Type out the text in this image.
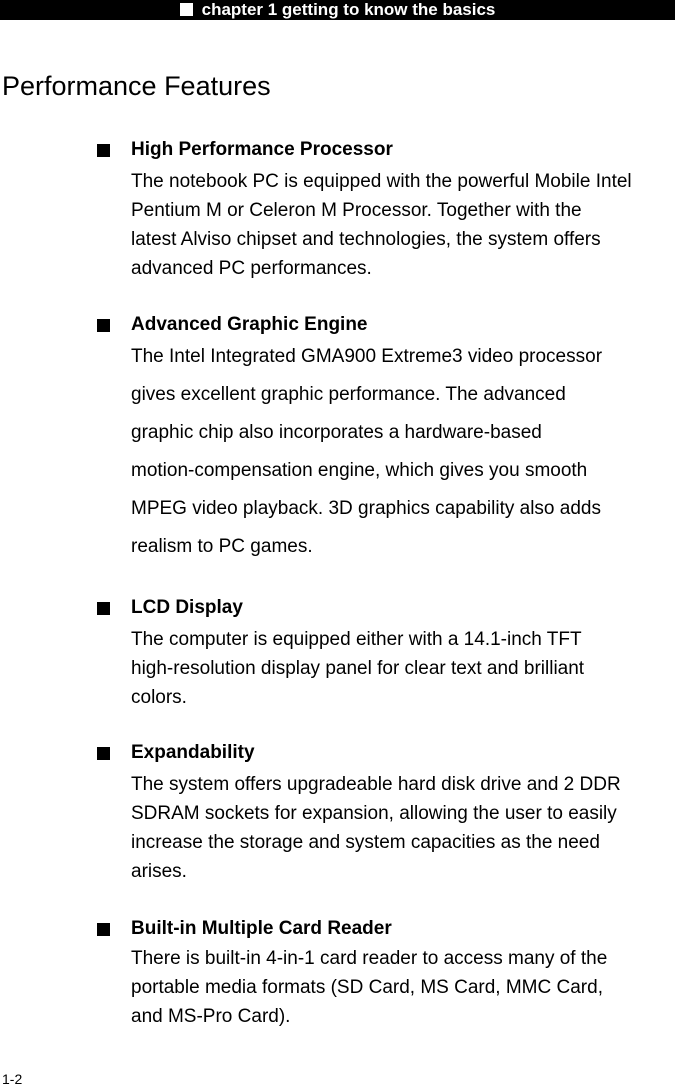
chapter 1 getting to know the basics
Performance Features
High Performance Processor
The notebook PC is equipped with the powerful Mobile Intel
Pentium M or Celeron M Processor. Together with the
latest Alviso chipset and technologies, the system offers
advanced PC performances.
Advanced Graphic Engine
The Intel Integrated GMA900 Extreme3 video processor
gives excellent graphic performance. The advanced
graphic chip also incorporates a hardware-based
motion-compensation engine, which gives you smooth
MPEG video playback. 3D graphics capability also adds
realism to PC games.
LCD Display
The computer is equipped either with a 14.1-inch TFT
high-resolution display panel for clear text and brilliant
colors.
Expandability
The system offers upgradeable hard disk drive and 2 DDR
SDRAM sockets for expansion, allowing the user to easily
increase the storage and system capacities as the need
arises.
Built-in Multiple Card Reader
There is built-in 4-in-1 card reader to access many of the
portable media formats (SD Card, MS Card, MMC Card,
and MS-Pro Card).
1-2
